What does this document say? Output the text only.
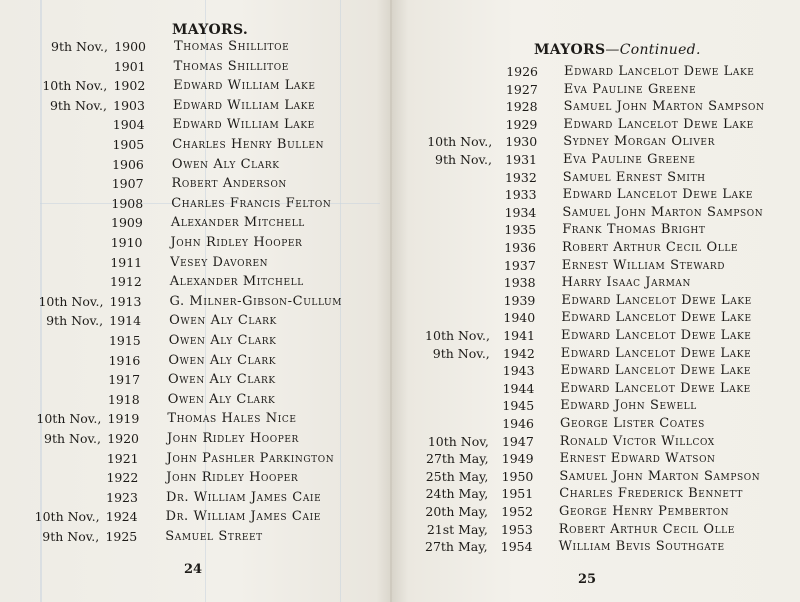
MAYORS.
9th Nov., 1900 Thomas Shillitoe
1901 Thomas Shillitoe
10th Nov., 1902 Edward William Lake
9th Nov., 1903 Edward William Lake
1904 Edward William Lake
1905 Charles Henry Bullen
1906 Owen Aly Clark
1907 Robert Anderson
1908 Charles Francis Felton
1909 Alexander Mitchell
1910 John Ridley Hooper
1911 Vesey Davoren
1912 Alexander Mitchell
10th Nov., 1913 G. Milner-Gibson-Cullum
9th Nov., 1914 Owen Aly Clark
1915 Owen Aly Clark
1916 Owen Aly Clark
1917 Owen Aly Clark
1918 Owen Aly Clark
10th Nov., 1919 Thomas Hales Nice
9th Nov., 1920 John Ridley Hooper
1921 John Pashler Parkington
1922 John Ridley Hooper
1923 Dr. William James Caie
10th Nov., 1924 Dr. William James Caie
9th Nov., 1925 Samuel Street
24
MAYORS—Continued.
1926 Edward Lancelot Dewe Lake
1927 Eva Pauline Greene
1928 Samuel John Marton Sampson
1929 Edward Lancelot Dewe Lake
10th Nov.,	1930 Sydney Morgan Oliver
9th Nov.,	1931 Eva Pauline Greene
1932 Samuel Ernest Smith
1933 Edward Lancelot Dewe Lake
1934 Samuel John Marton Sampson
1935 Frank Thomas Bright
1936 Robert Arthur Cecil Olle
1937 Ernest William Steward
1938 Harry Isaac Jarman
1939 Edward Lancelot Dewe Lake
1940 Edward Lancelot Dewe Lake
10th Nov.,	1941 Edward Lancelot Dewe Lake
9th Nov.,	1942 Edward Lancelot Dewe Lake
1943 Edward Lancelot Dewe Lake
1944 Edward Lancelot Dewe Lake
1945 Edward John Sewell
1946 George Lister Coates
10th Nov,	1947 Ronald Victor Willcox
27th May,	1949 Ernest Edward Watson
25th May,	1950 Samuel John Marton Sampson
24th May,	1951 Charles Frederick Bennett
20th May,	1952 George Henry Pemberton
21st May,	1953 Robert Arthur Cecil Olle
27th May,	1954 William Bevis Southgate
25
